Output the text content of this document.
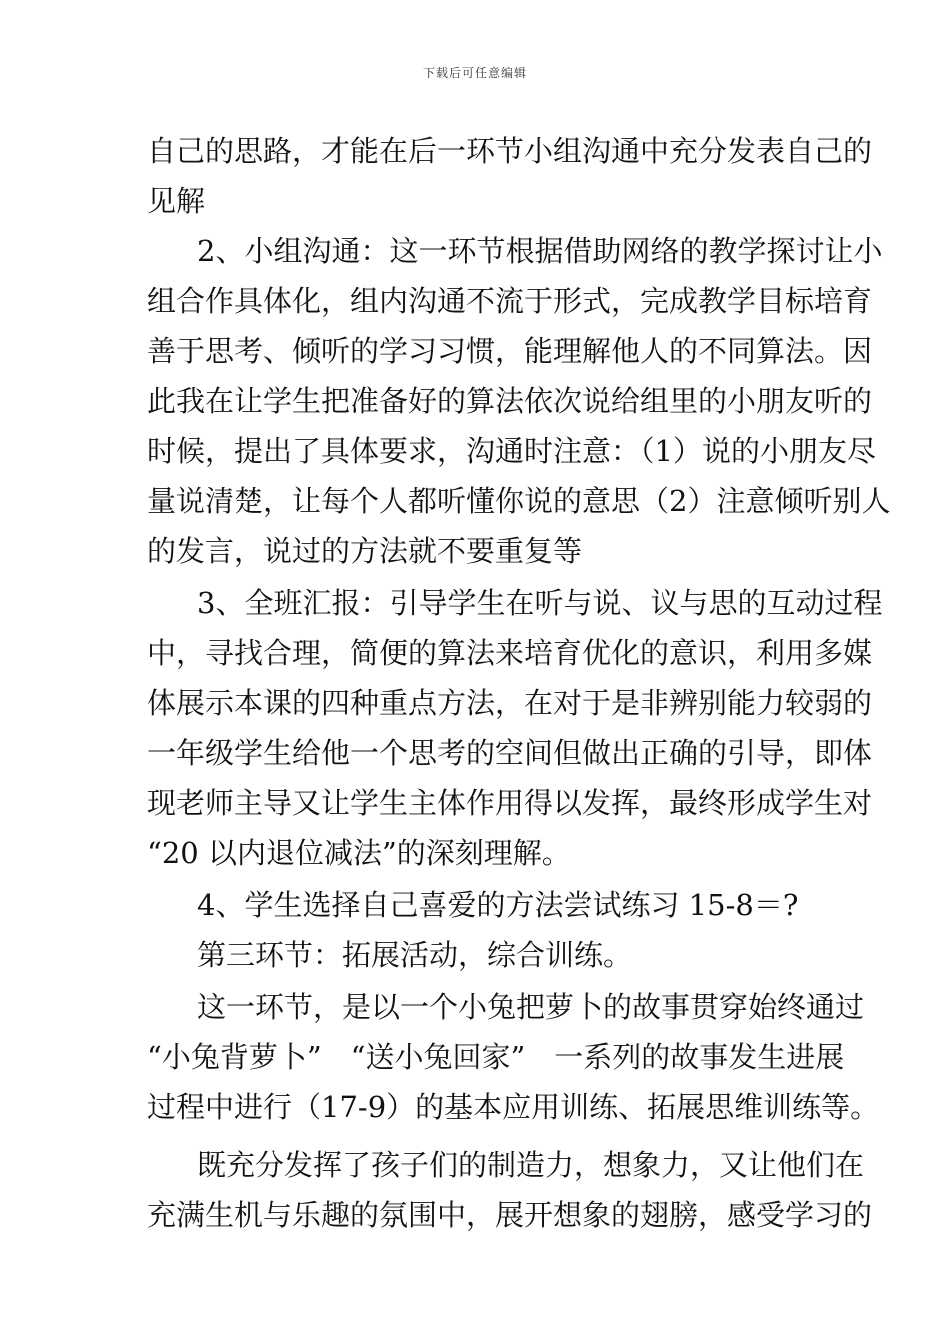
下载后可任意编辑
自己的思路，才能在后一环节小组沟通中充分发表自己的
见解
2、小组沟通：这一环节根据借助网络的教学探讨让小
组合作具体化，组内沟通不流于形式，完成教学目标培育
善于思考、倾听的学习习惯，能理解他人的不同算法。因
此我在让学生把准备好的算法依次说给组里的小朋友听的
时候，提出了具体要求，沟通时注意：（1）说的小朋友尽
量说清楚，让每个人都听懂你说的意思（2）注意倾听别人
的发言，说过的方法就不要重复等
3、全班汇报：引导学生在听与说、议与思的互动过程
中，寻找合理，简便的算法来培育优化的意识，利用多媒
体展示本课的四种重点方法，在对于是非辨别能力较弱的
一年级学生给他一个思考的空间但做出正确的引导，即体
现老师主导又让学生主体作用得以发挥，最终形成学生对
“20 以内退位减法”的深刻理解。
4、学生选择自己喜爱的方法尝试练习 15-8＝?
第三环节：拓展活动，综合训练。
这一环节，是以一个小兔把萝卜的故事贯穿始终通过
“小兔背萝卜”　“送小兔回家”　一系列的故事发生进展
过程中进行（17-9）的基本应用训练、拓展思维训练等。
既充分发挥了孩子们的制造力，想象力，又让他们在
充满生机与乐趣的氛围中，展开想象的翅膀，感受学习的
